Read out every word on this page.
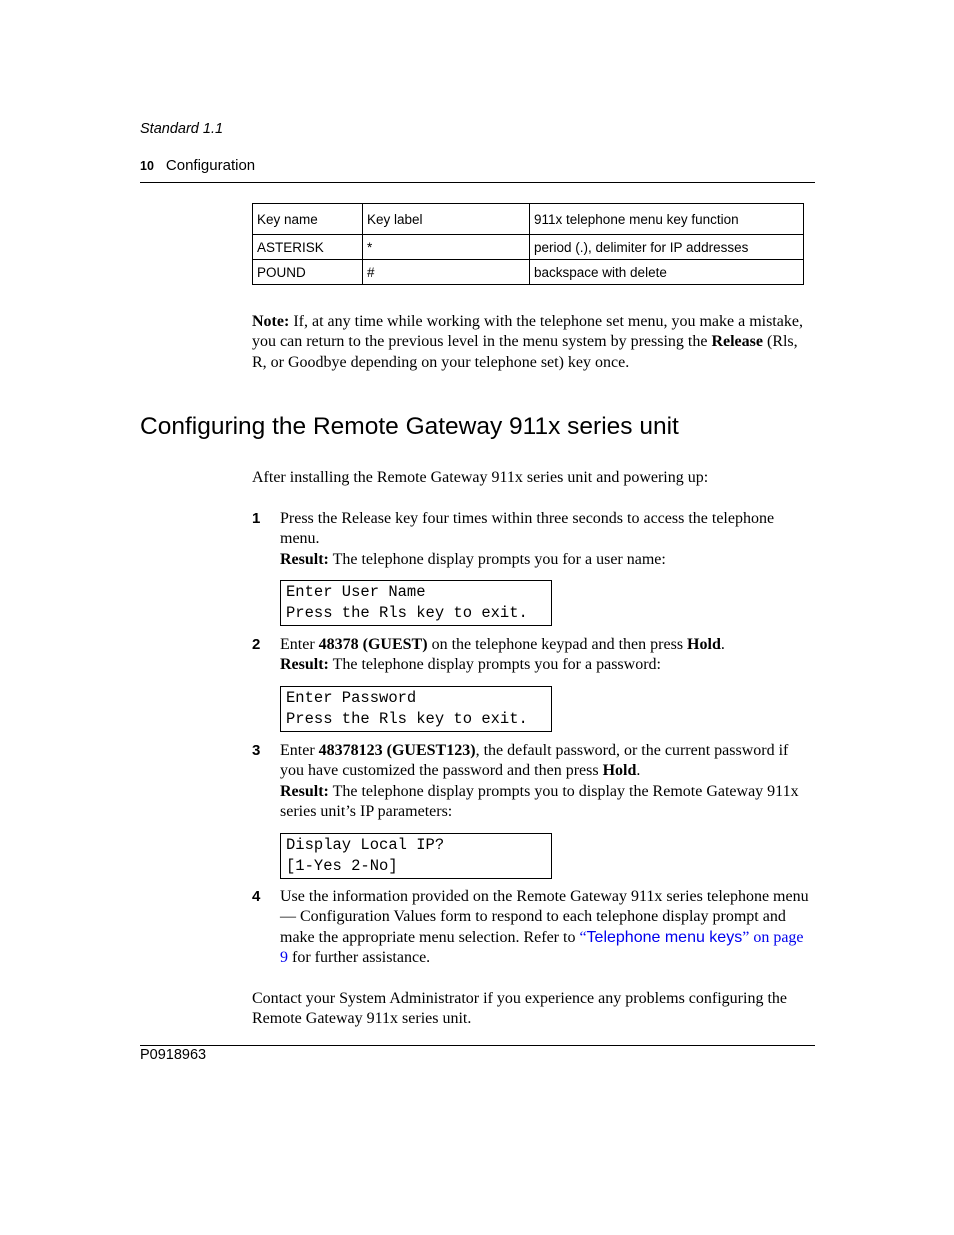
Standard 1.1
10 Configuration
Key name	Key label	911x telephone menu key function
ASTERISK	*	period (.), delimiter for IP addresses
POUND	#	backspace with delete
Note: If, at any time while working with the telephone set menu, you make a mistake, you can return to the previous level in the menu system by pressing the Release (Rls, R, or Goodbye depending on your telephone set) key once.
Configuring the Remote Gateway 911x series unit
After installing the Remote Gateway 911x series unit and powering up:
1 Press the Release key four times within three seconds to access the telephone menu.
Result: The telephone display prompts you for a user name:
Enter User Name
Press the Rls key to exit.
2 Enter 48378 (GUEST) on the telephone keypad and then press Hold.
Result: The telephone display prompts you for a password:
Enter Password
Press the Rls key to exit.
3 Enter 48378123 (GUEST123), the default password, or the current password if you have customized the password and then press Hold.
Result: The telephone display prompts you to display the Remote Gateway 911x series unit’s IP parameters:
Display Local IP?
[1-Yes 2-No]
4 Use the information provided on the Remote Gateway 911x series telephone menu — Configuration Values form to respond to each telephone display prompt and make the appropriate menu selection. Refer to “Telephone menu keys” on page 9 for further assistance.
Contact your System Administrator if you experience any problems configuring the Remote Gateway 911x series unit.
P0918963
